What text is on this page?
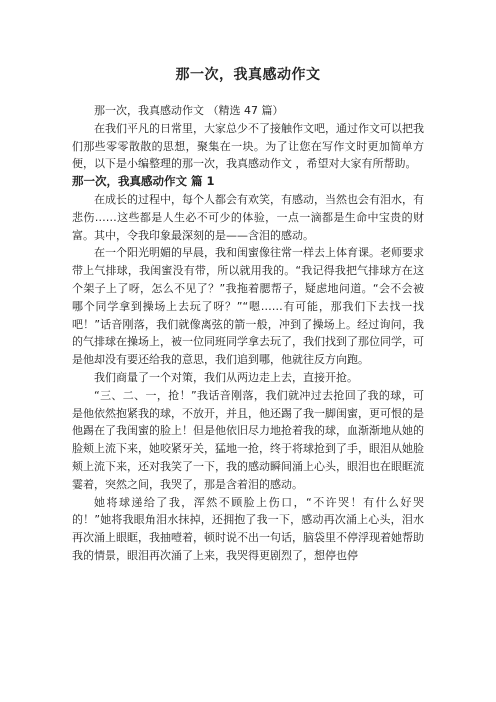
那一次，我真感动作文

那一次，我真感动作文 （精选 47 篇）

在我们平凡的日常里，大家总少不了接触作文吧，通过作文可以把我们那些零零散散的思想，聚集在一块。为了让您在写作文时更加简单方便，以下是小编整理的那一次，我真感动作文 ，希望对大家有所帮助。

那一次，我真感动作文 篇 1

在成长的过程中，每个人都会有欢笑，有感动，当然也会有泪水，有悲伤……这些都是人生必不可少的体验，一点一滴都是生命中宝贵的财富。其中，令我印象最深刻的是——含泪的感动。

在一个阳光明媚的早晨，我和闺蜜像往常一样去上体育课。老师要求带上气排球，我闺蜜没有带，所以就用我的。“我记得我把气排球方在这个架子上了呀，怎么不见了？”我拖着腮帮子，疑虑地问道。“会不会被哪个同学拿到操场上去玩了呀？”“嗯……有可能，那我们下去找一找吧！”话音刚落，我们就像离弦的箭一般，冲到了操场上。经过询问，我的气排球在操场上，被一位同班同学拿去玩了，我们找到了那位同学，可是他却没有要还给我的意思，我们追到哪，他就往反方向跑。

我们商量了一个对策，我们从两边走上去，直接开抢。

“三、二、一，抢！”我话音刚落，我们就冲过去抢回了我的球，可是他依然抱紧我的球，不放开，并且，他还踢了我一脚闺蜜，更可恨的是他踢在了我闺蜜的脸上！但是他依旧尽力地抢着我的球，血渐渐地从她的脸颊上流下来，她咬紧牙关，猛地一抢，终于将球抢到了手，眼泪从她脸颊上流下来，还对我笑了一下，我的感动瞬间涌上心头，眼泪也在眼眶流霎着，突然之间，我哭了，那是含着泪的感动。

她将球递给了我，浑然不顾脸上伤口，“不许哭！有什么好哭的！”她将我眼角泪水抹掉，还拥抱了我一下，感动再次涌上心头，泪水再次涌上眼眶，我抽噎着，顿时说不出一句话，脑袋里不停浮现着她帮助我的情景，眼泪再次涌了上来，我哭得更剧烈了，想停也停
